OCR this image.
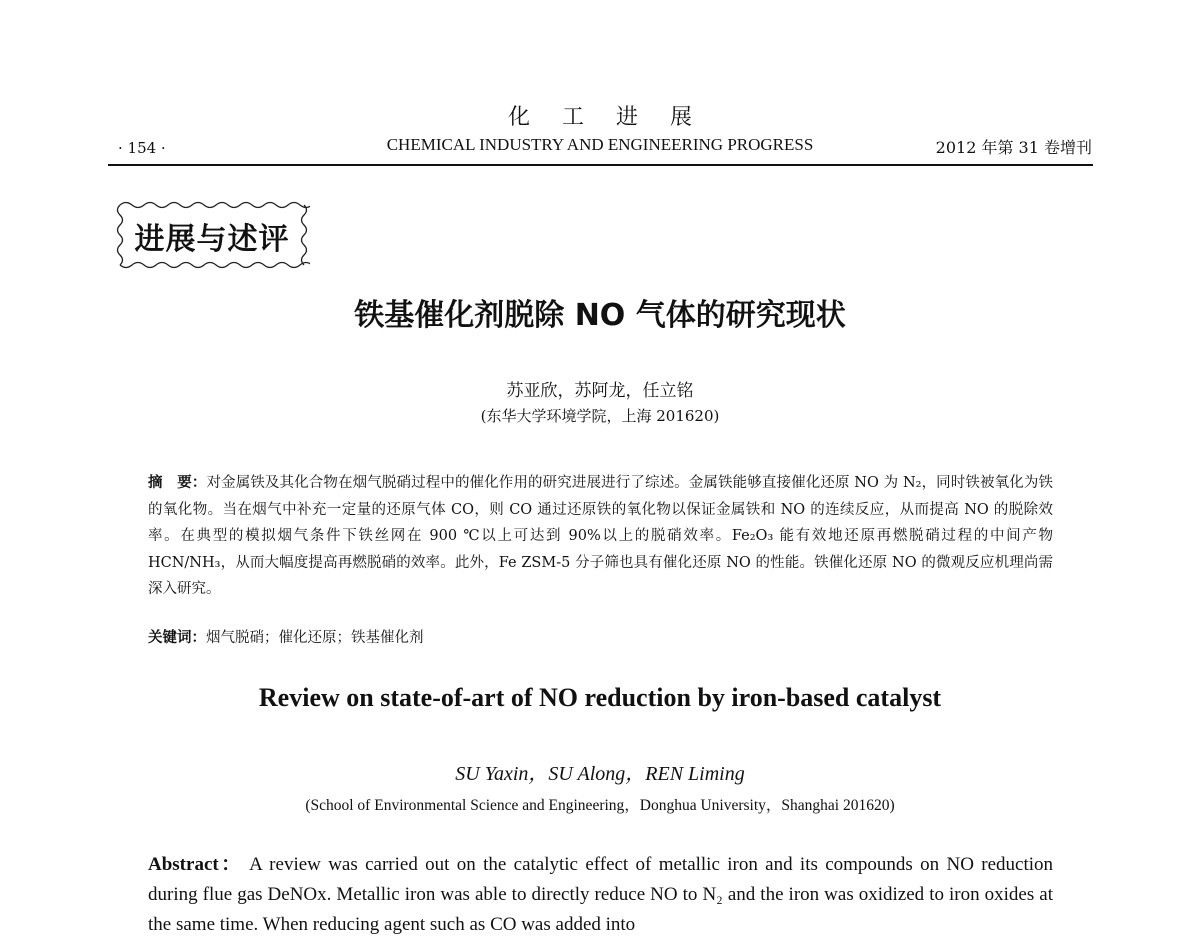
化工进展
· 154 ·	CHEMICAL INDUSTRY AND ENGINEERING PROGRESS	2012 年第 31 卷增刊
进展与述评
铁基催化剂脱除 NO 气体的研究现状
苏亚欣，苏阿龙，任立铭
(东华大学环境学院，上海 201620)
摘　要：对金属铁及其化合物在烟气脱硝过程中的催化作用的研究进展进行了综述。金属铁能够直接催化还原 NO 为 N₂，同时铁被氧化为铁的氧化物。当在烟气中补充一定量的还原气体 CO，则 CO 通过还原铁的氧化物以保证金属铁和 NO 的连续反应，从而提高 NO 的脱除效率。在典型的模拟烟气条件下铁丝网在 900 ℃以上可达到 90%以上的脱硝效率。Fe₂O₃ 能有效地还原再燃脱硝过程的中间产物 HCN/NH₃，从而大幅度提高再燃脱硝的效率。此外，Fe ZSM-5 分子筛也具有催化还原 NO 的性能。铁催化还原 NO 的微观反应机理尚需深入研究。
关键词：烟气脱硝；催化还原；铁基催化剂
Review on state-of-art of NO reduction by iron-based catalyst
SU Yaxin，SU Along，REN Liming
(School of Environmental Science and Engineering，Donghua University，Shanghai 201620)
Abstract： A review was carried out on the catalytic effect of metallic iron and its compounds on NO reduction during flue gas DeNOx. Metallic iron was able to directly reduce NO to N₂ and the iron was oxidized to iron oxides at the same time. When reducing agent such as CO was added into
